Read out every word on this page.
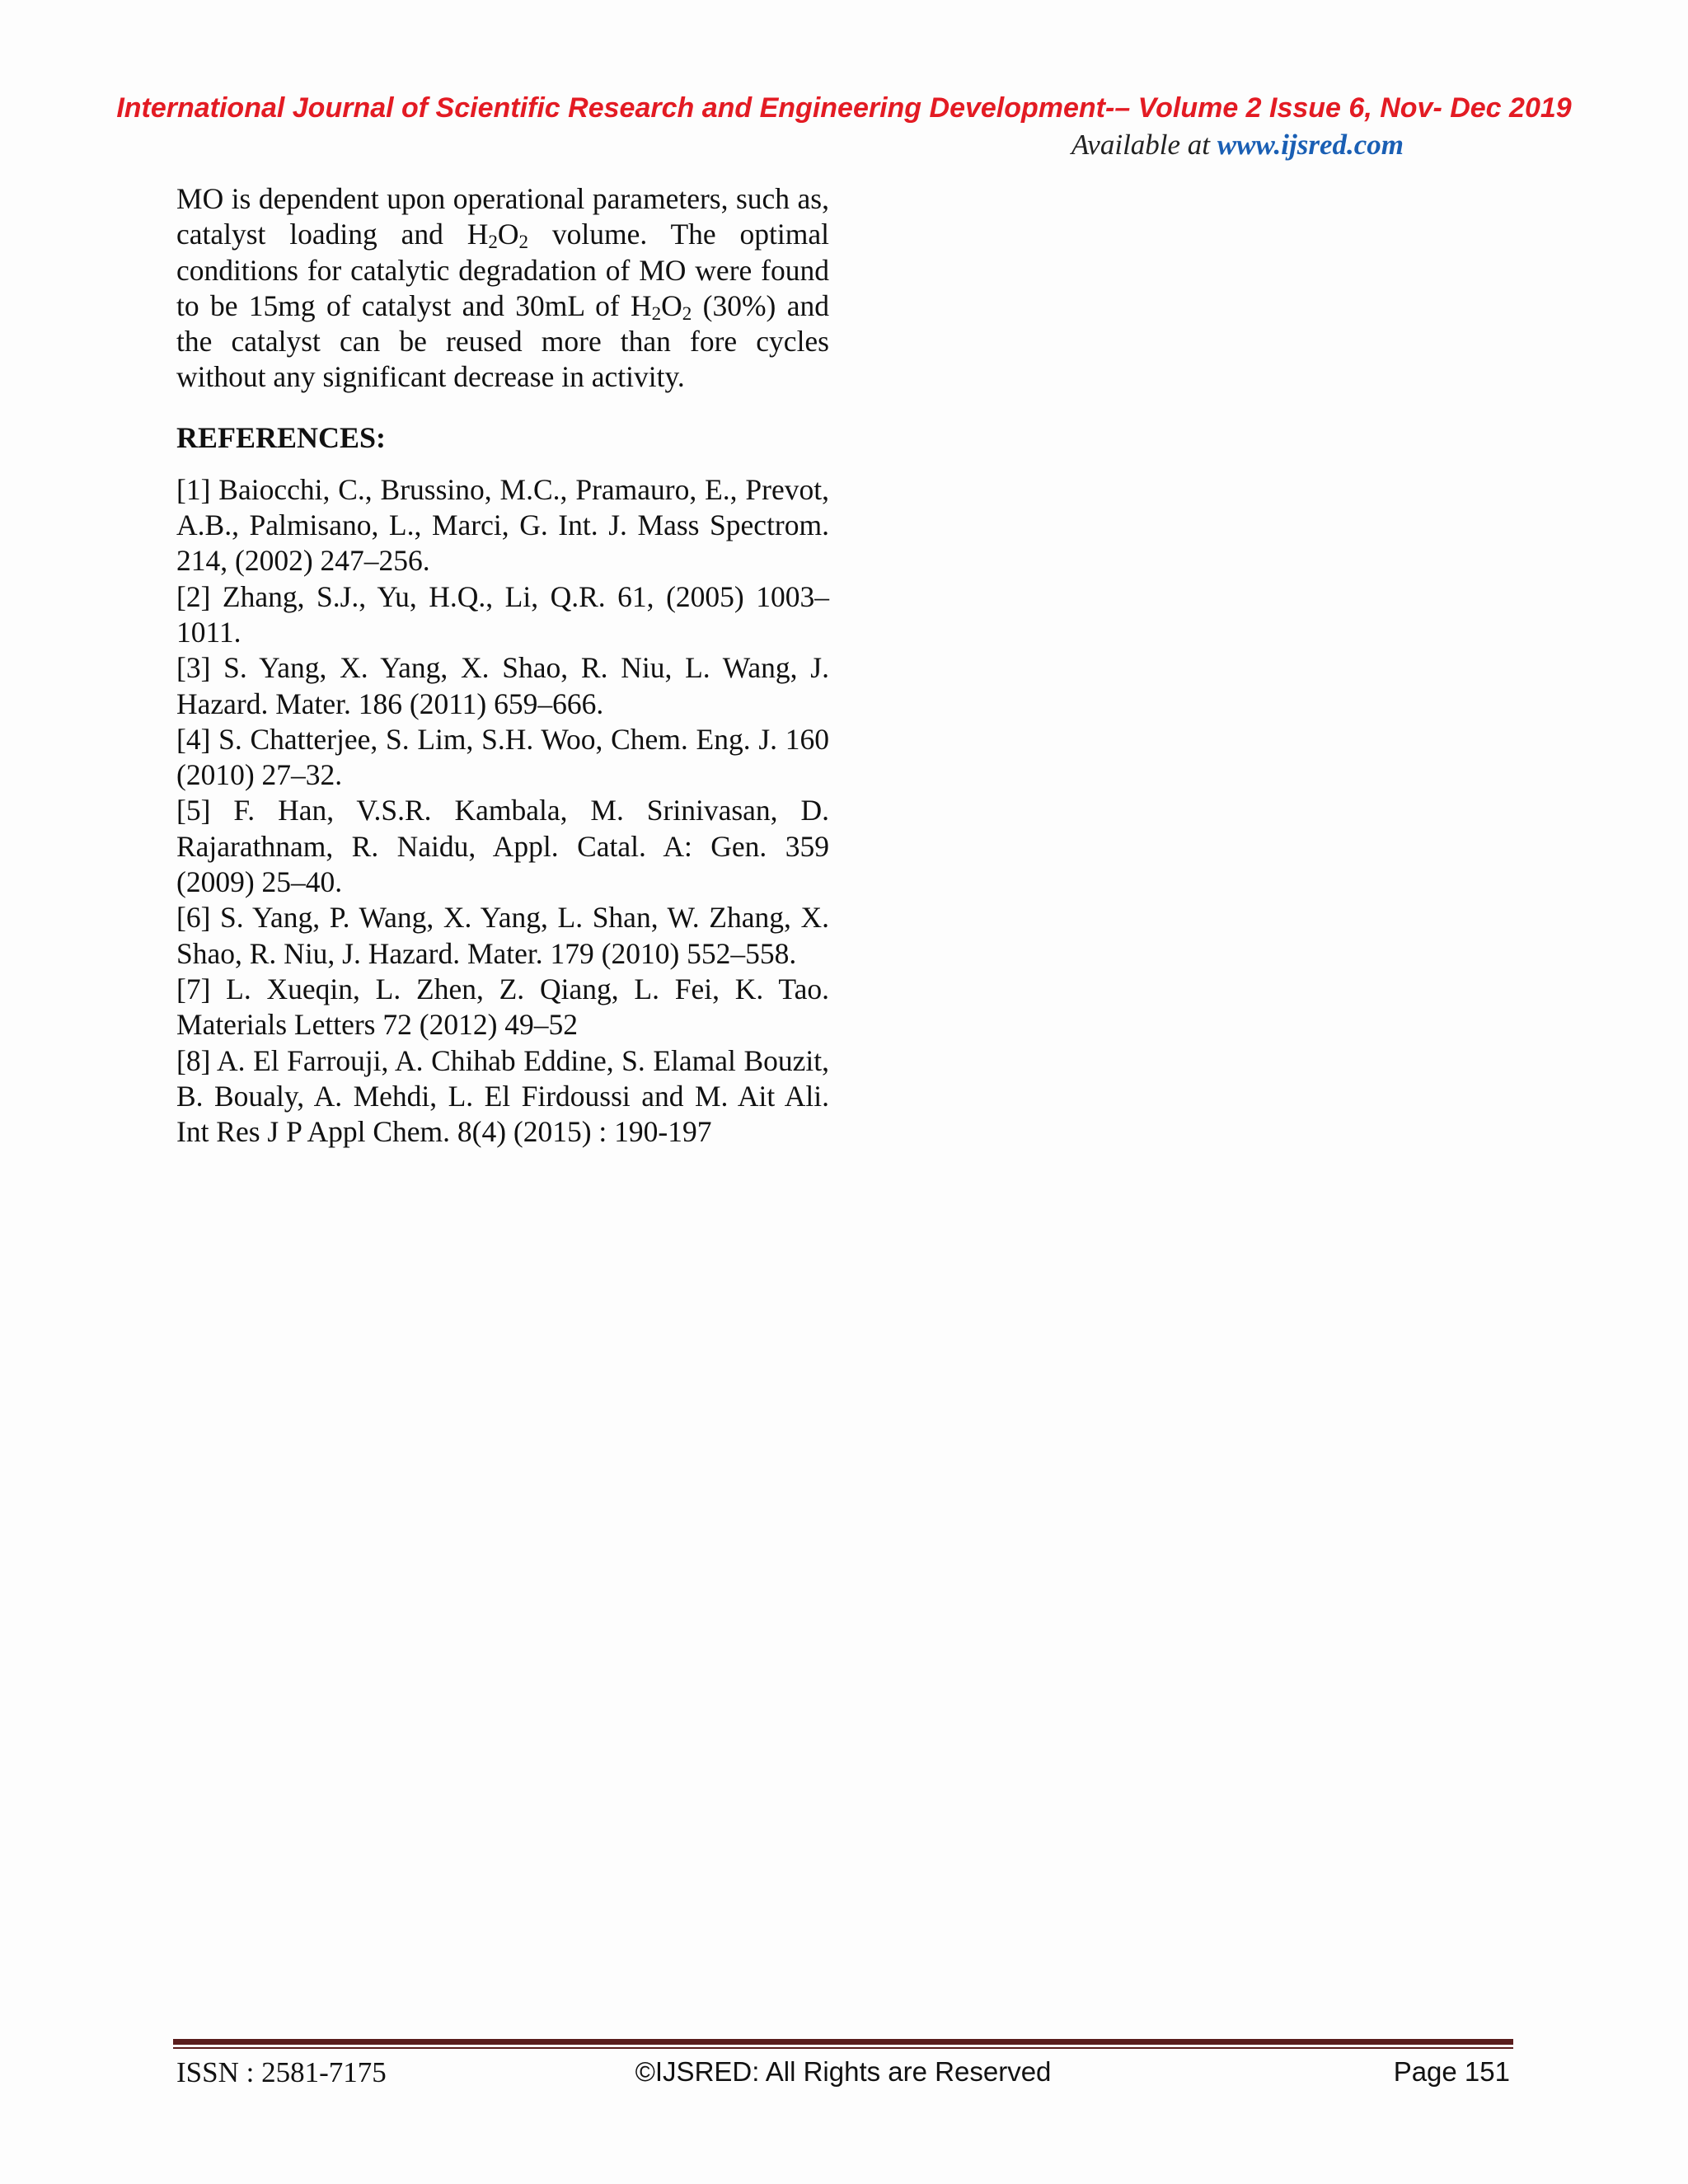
International Journal of Scientific Research and Engineering Development-– Volume 2 Issue 6, Nov- Dec 2019
Available at www.ijsred.com

MO is dependent upon operational parameters, such as, catalyst loading and $H_2O_2$ volume. The optimal conditions for catalytic degradation of MO were found to be 15mg of catalyst and 30mL of $H_2O_2$ (30%) and the catalyst can be reused more than fore cycles without any significant decrease in activity.

REFERENCES:

[1] Baiocchi, C., Brussino, M.C., Pramauro, E., Prevot, A.B., Palmisano, L., Marci, G. Int. J. Mass Spectrom. 214, (2002) 247–256.

[2] Zhang, S.J., Yu, H.Q., Li, Q.R. 61, (2005) 1003–1011.

[3] S. Yang, X. Yang, X. Shao, R. Niu, L. Wang, J. Hazard. Mater. 186 (2011) 659–666.

[4] S. Chatterjee, S. Lim, S.H. Woo, Chem. Eng. J. 160 (2010) 27–32.

[5] F. Han, V.S.R. Kambala, M. Srinivasan, D. Rajarathnam, R. Naidu, Appl. Catal. A: Gen. 359 (2009) 25–40.

[6] S. Yang, P. Wang, X. Yang, L. Shan, W. Zhang, X. Shao, R. Niu, J. Hazard. Mater. 179 (2010) 552–558.

[7] L. Xueqin, L. Zhen, Z. Qiang, L. Fei, K. Tao. Materials Letters 72 (2012) 49–52

[8] A. El Farrouji, A. Chihab Eddine, S. Elamal Bouzit, B. Boualy, A. Mehdi, L. El Firdoussi and M. Ait Ali. Int Res J P Appl Chem. 8(4) (2015) : 190-197

ISSN : 2581-7175	©IJSRED: All Rights are Reserved	Page 151
